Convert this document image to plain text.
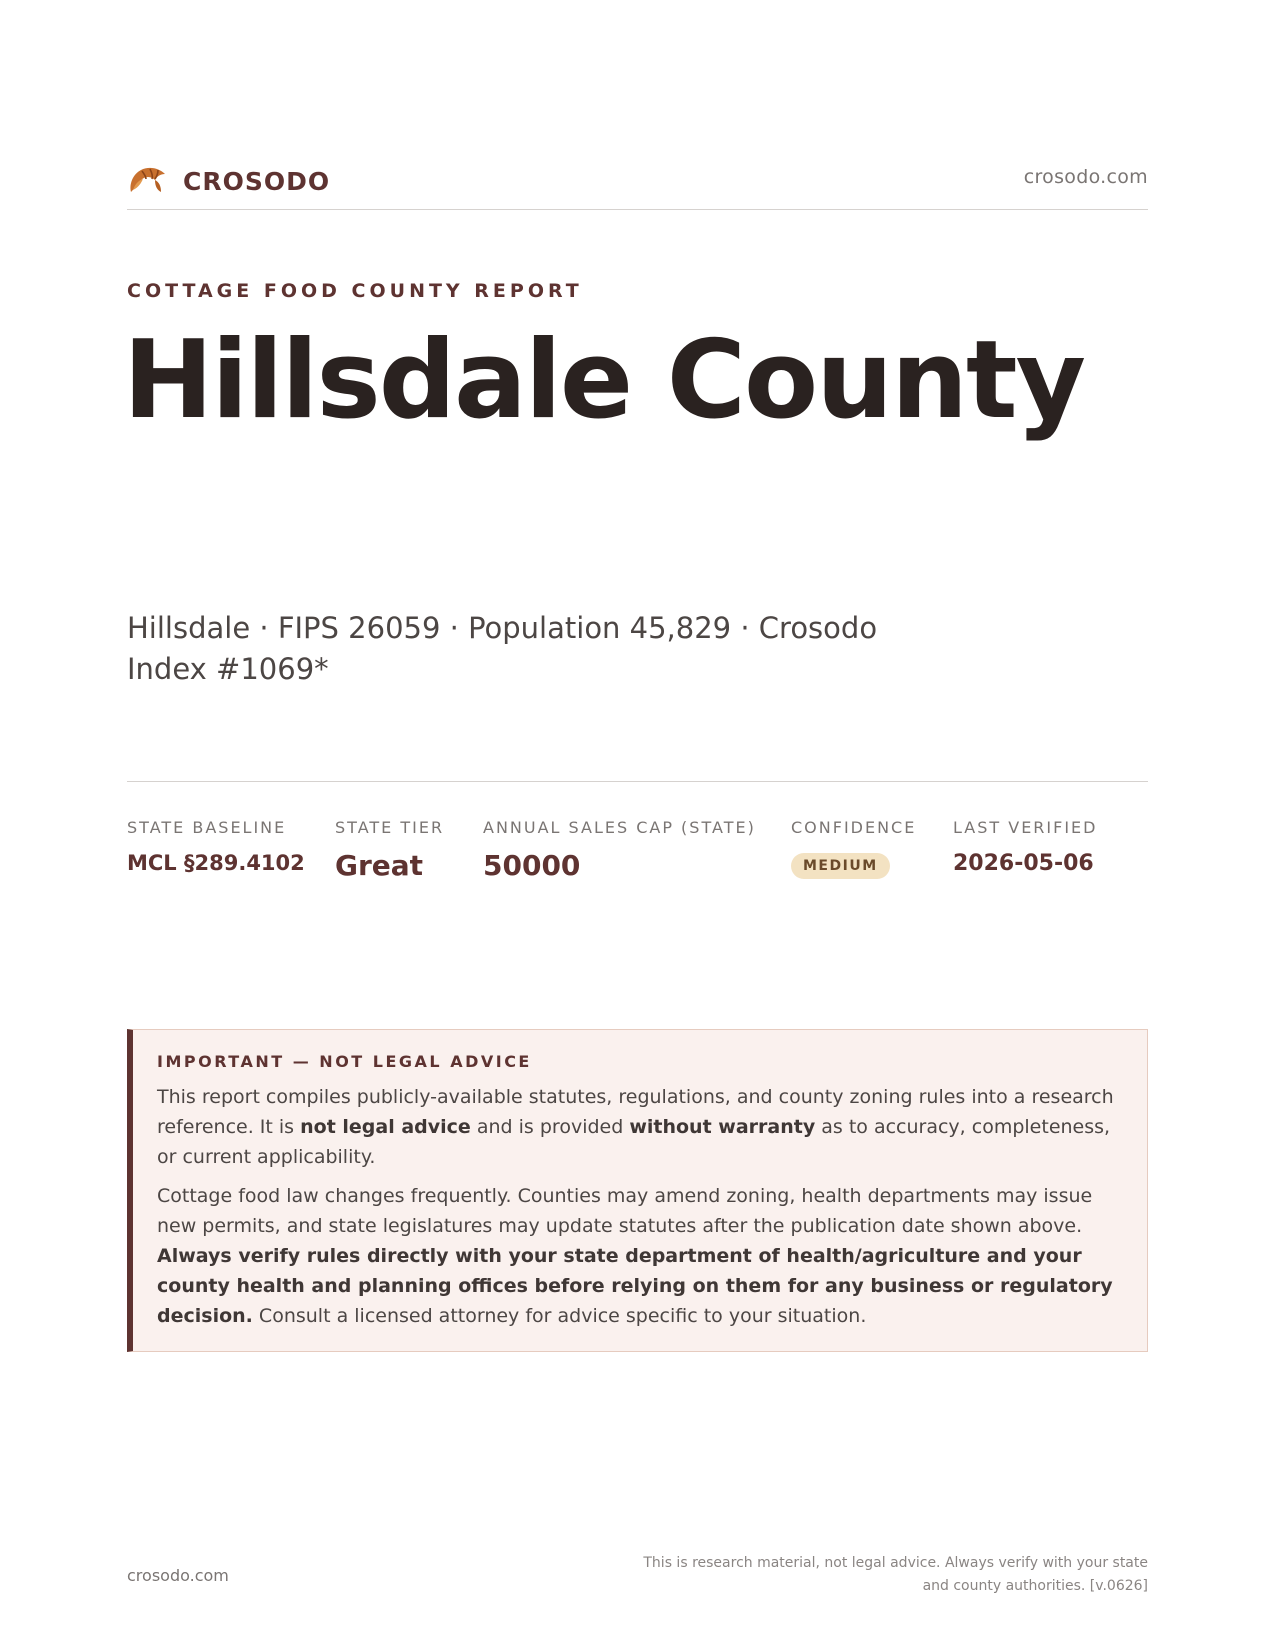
CROSODO	crosodo.com
COTTAGE FOOD COUNTY REPORT
Hillsdale County
Hillsdale · FIPS 26059 · Population 45,829 · Crosodo Index #1069*
STATE BASELINE
MCL §289.4102
STATE TIER
Great
ANNUAL SALES CAP (STATE)
50000
CONFIDENCE
MEDIUM
LAST VERIFIED
2026-05-06
IMPORTANT — NOT LEGAL ADVICE

This report compiles publicly-available statutes, regulations, and county zoning rules into a research reference. It is not legal advice and is provided without warranty as to accuracy, completeness, or current applicability.

Cottage food law changes frequently. Counties may amend zoning, health departments may issue new permits, and state legislatures may update statutes after the publication date shown above. Always verify rules directly with your state department of health/agriculture and your county health and planning offices before relying on them for any business or regulatory decision. Consult a licensed attorney for advice specific to your situation.

crosodo.com
This is research material, not legal advice. Always verify with your state and county authorities. [v.0626]
